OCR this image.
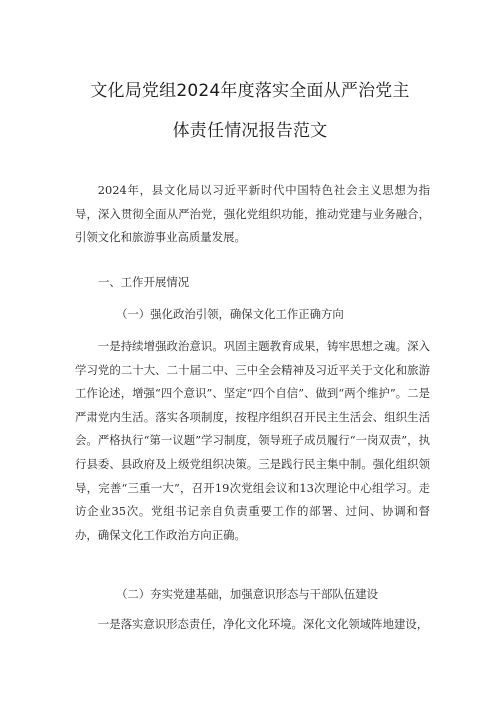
文化局党组2024年度落实全面从严治党主
体责任情况报告范文

2024年，县文化局以习近平新时代中国特色社会主义思想为指导，深入贯彻全面从严治党，强化党组织功能，推动党建与业务融合，引领文化和旅游事业高质量发展。

一、工作开展情况

（一）强化政治引领，确保文化工作正确方向

一是持续增强政治意识。巩固主题教育成果，铸牢思想之魂。深入学习党的二十大、二十届二中、三中全会精神及习近平关于文化和旅游工作论述，增强“四个意识”、坚定“四个自信”、做到“两个维护”。二是严肃党内生活。落实各项制度，按程序组织召开民主生活会、组织生活会。严格执行“第一议题”学习制度，领导班子成员履行“一岗双责”，执行县委、县政府及上级党组织决策。三是践行民主集中制。强化组织领导，完善“三重一大”，召开19次党组会议和13次理论中心组学习。走访企业35次。党组书记亲自负责重要工作的部署、过问、协调和督办，确保文化工作政治方向正确。

（二）夯实党建基础，加强意识形态与干部队伍建设

一是落实意识形态责任，净化文化环境。深化文化领域阵地建设，
